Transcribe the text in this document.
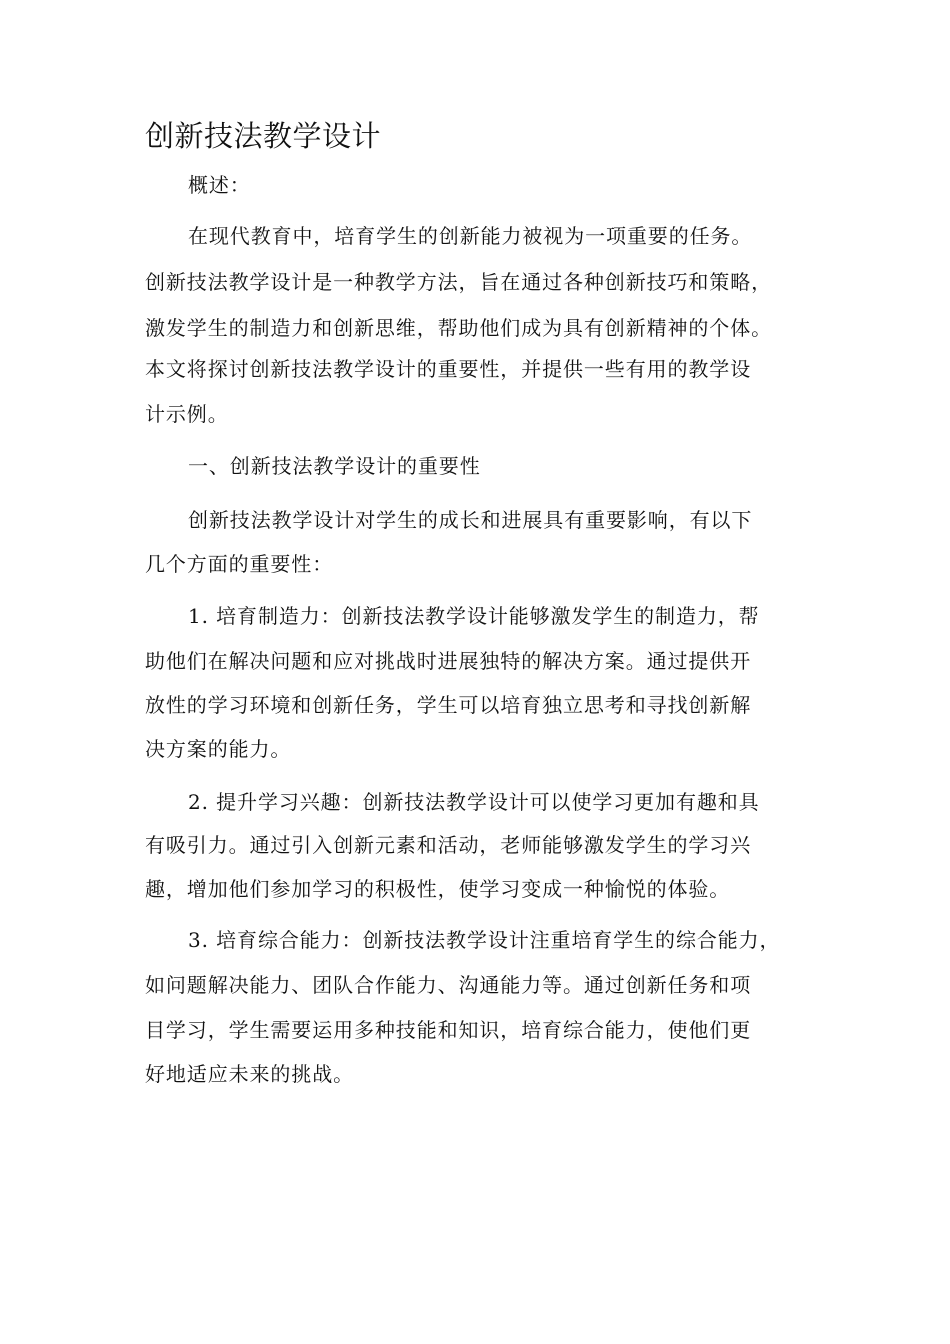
创新技法教学设计
概述：
在现代教育中，培育学生的创新能力被视为一项重要的任务。
创新技法教学设计是一种教学方法，旨在通过各种创新技巧和策略，
激发学生的制造力和创新思维，帮助他们成为具有创新精神的个体。
本文将探讨创新技法教学设计的重要性，并提供一些有用的教学设
计示例。
一、创新技法教学设计的重要性
创新技法教学设计对学生的成长和进展具有重要影响，有以下
几个方面的重要性：
1. 培育制造力：创新技法教学设计能够激发学生的制造力，帮
助他们在解决问题和应对挑战时进展独特的解决方案。通过提供开
放性的学习环境和创新任务，学生可以培育独立思考和寻找创新解
决方案的能力。
2. 提升学习兴趣：创新技法教学设计可以使学习更加有趣和具
有吸引力。通过引入创新元素和活动，老师能够激发学生的学习兴
趣，增加他们参加学习的积极性，使学习变成一种愉悦的体验。
3. 培育综合能力：创新技法教学设计注重培育学生的综合能力，
如问题解决能力、团队合作能力、沟通能力等。通过创新任务和项
目学习，学生需要运用多种技能和知识，培育综合能力，使他们更
好地适应未来的挑战。
